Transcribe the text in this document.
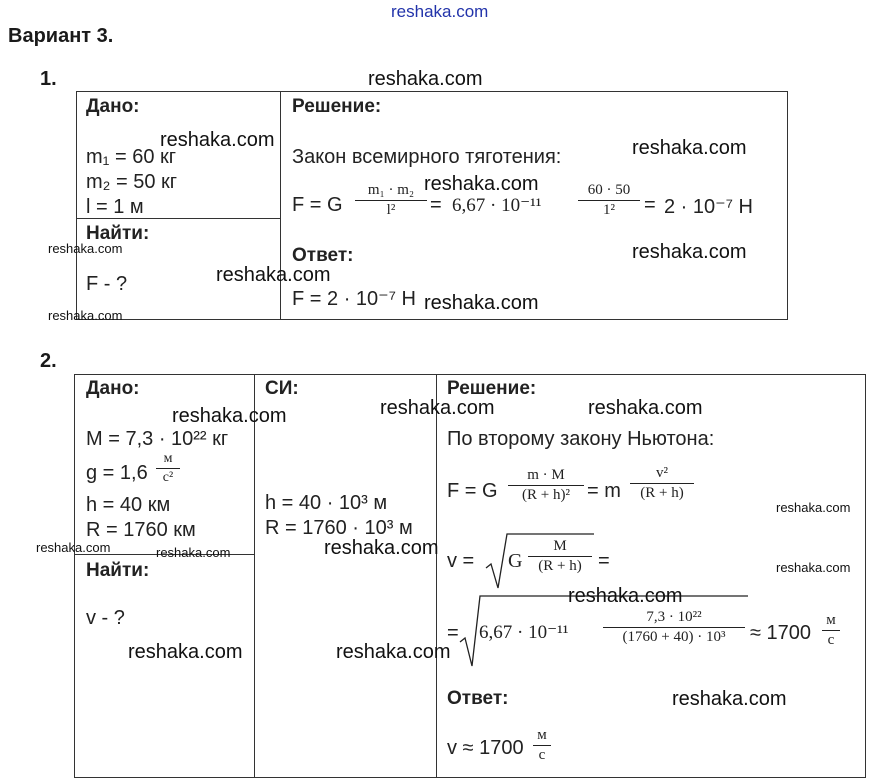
reshaka.com
Вариант 3.
1.
Дано:
m₁ = 60 кг
m₂ = 50 кг
l = 1 м
Найти:
F - ?
Решение:
Закон всемирного тяготения:
F = G
m₁ · m₂
l²	= 6,67 · 10⁻¹¹
60 · 50
1²	= 2 · 10⁻⁷ Н
Ответ:
F = 2 · 10⁻⁷ Н
reshaka.com
reshaka.com	reshaka.com
reshaka.com
reshaka.com	reshaka.com
reshaka.com
reshaka.com
reshaka.com
2.
Дано:
M = 7,3 · 10²² кг
g = 1,6
м
с²
h = 40 км
R = 1760 км
Найти:
v - ?
СИ:
h = 40 · 10³ м
R = 1760 · 10³ м
Решение:
По второму закону Ньютона:
F = G
m · M
(R + h)² = m
v²
(R + h)
v = G
M
(R + h) =
= 6,67 · 10⁻¹¹
7,3 · 10²²
(1760 + 40) · 10³	≈ 1700
м
с
Ответ:
v ≈ 1700
м
с
reshaka.com	reshaka.com
reshaka.com
reshaka.com
reshaka.com
reshaka.com	reshaka.com
reshaka.com
reshaka.com
reshaka.com	reshaka.com
reshaka.com
